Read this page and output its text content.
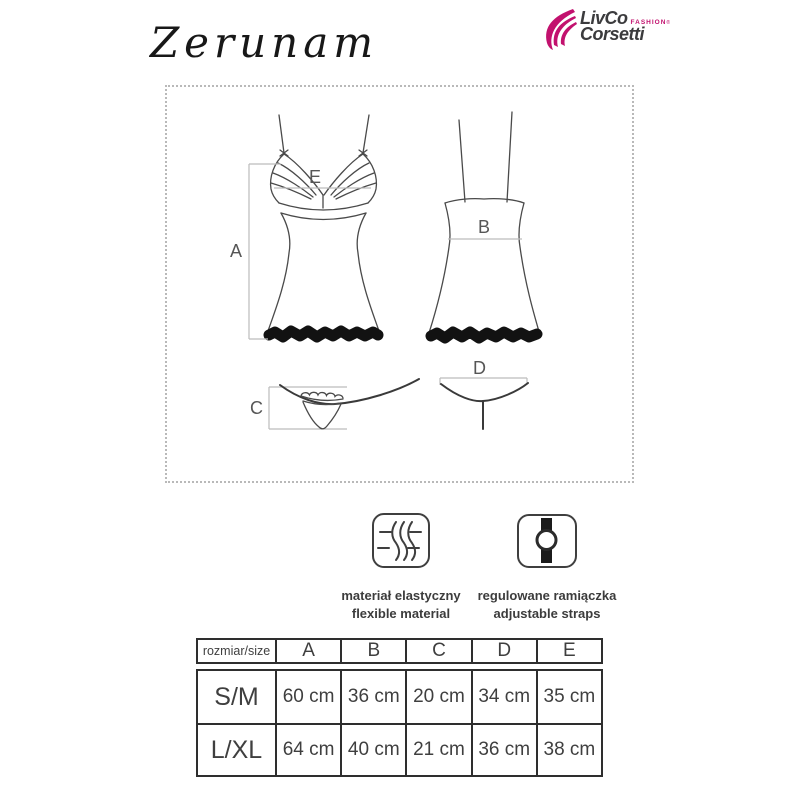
Zerunam	LivCo FASHION ®
Corsetti
E
A
B
C
D
materiał elastyczny
flexible material
regulowane ramiączka
adjustable straps
rozmiar/size	A	B	C	D	E
S/M	60 cm 36 cm 20 cm 34 cm 35 cm
L/XL	64 cm 40 cm 21 cm 36 cm 38 cm
